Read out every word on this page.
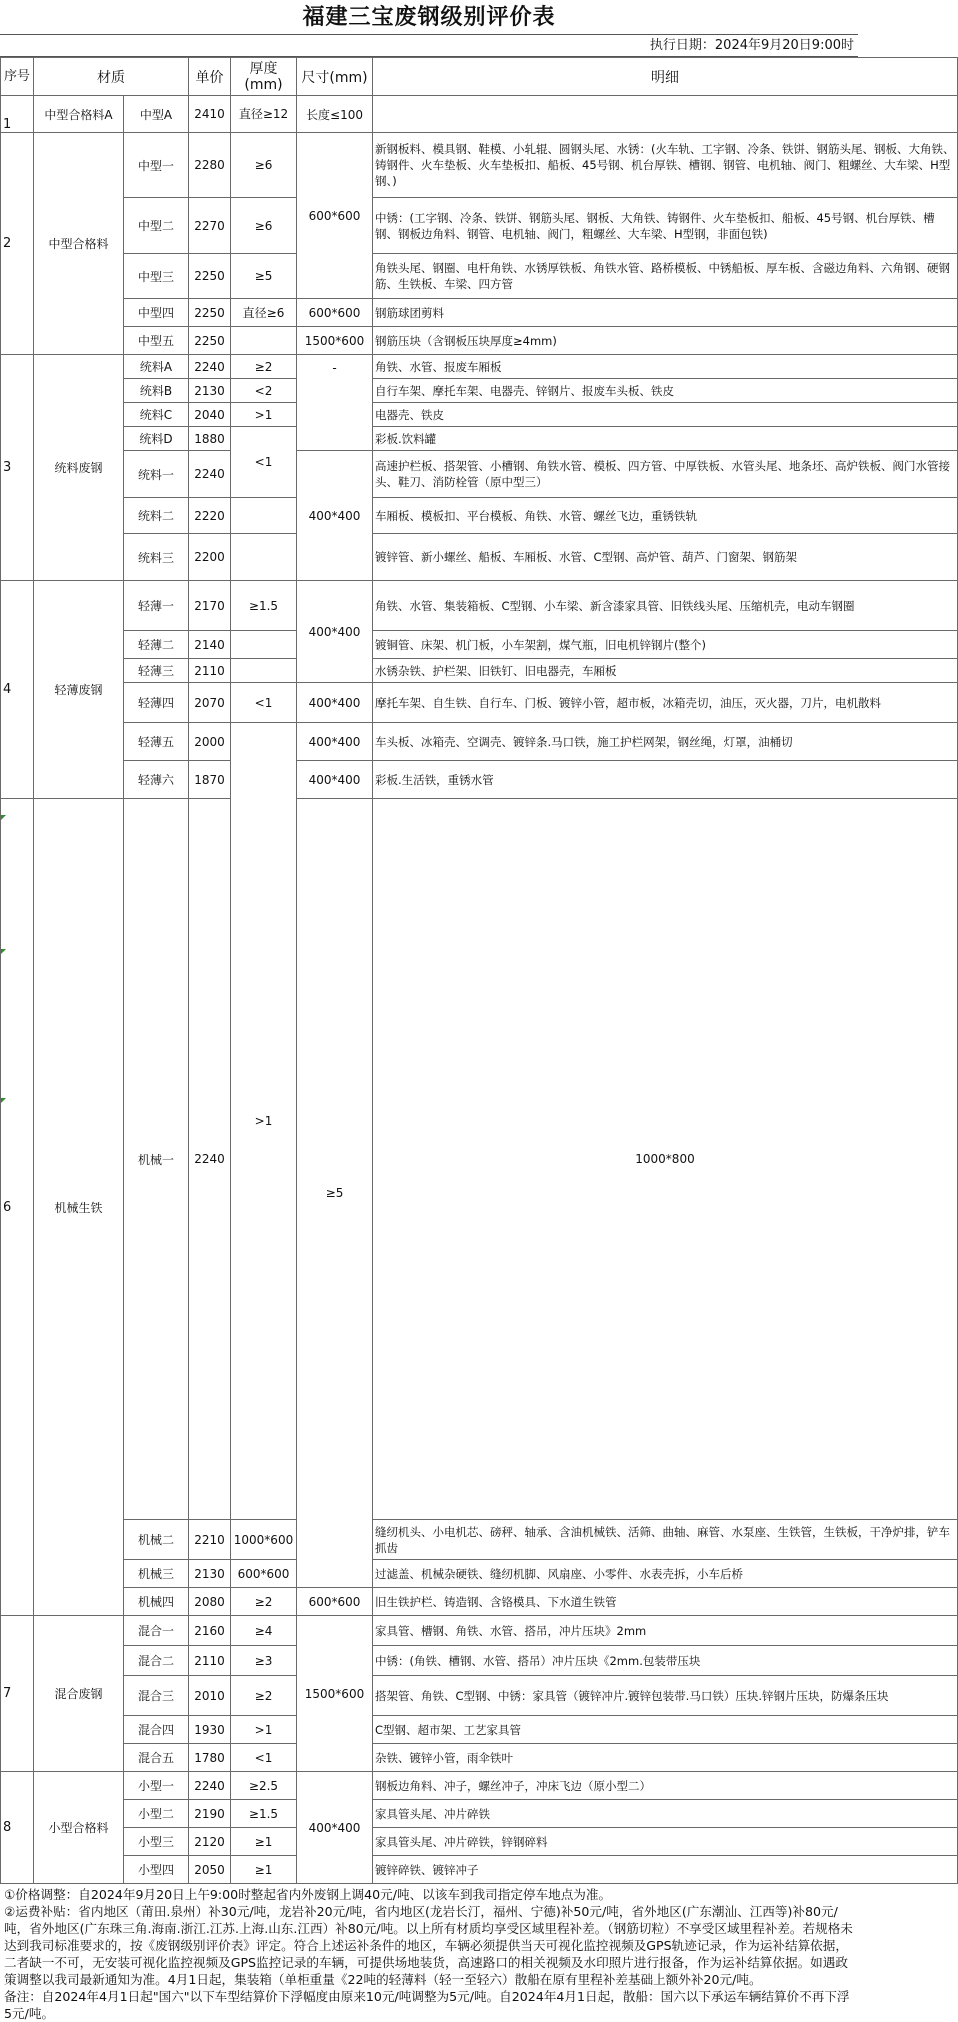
福建三宝废钢级别评价表
执行日期：2024年9月20日9:00时
序号	材质		单价	厚度(mm)	尺寸(mm)	明细	
1	中型合格料A	中型A	2410	直径≥12	长度≤100		
2	中型合格料	中型一	2280	≥6	600*600	新钢板料、模具钢、鞋模、小轧辊、圆钢头尾、水锈：(火车轨、工字钢、冷条、铁饼、钢筋头尾、钢板、大角铁、铸钢件、火车垫板、火车垫板扣、船板、45号钢、机台厚铁、槽钢、钢管、电机轴、阀门、粗螺丝、大车梁、H型钢、)	
		中型二	2270	≥6		中锈：(工字钢、冷条、铁饼、钢筋头尾、钢板、大角铁、铸钢件、火车垫板扣、船板、45号钢、机台厚铁、槽钢、钢板边角料、钢管、电机轴、阀门，粗螺丝、大车梁、H型钢，非面包铁)	
		中型三	2250	≥5		角铁头尾、钢圈、电杆角铁、水锈厚铁板、角铁水管、路桥模板、中锈船板、厚车板、含磁边角料、六角钢、硬钢筋、生铁板、车梁、四方管	
		中型四	2250	直径≥6	600*600	钢筋球团剪料	
		中型五	2250		1500*600	钢筋压块（含钢板压块厚度≥4mm)	
3	统料废钢	统料A	2240	≥2	-	角铁、水管、报废车厢板	
		统料B	2130	<2		自行车架、摩托车架、电器壳、锌钢片、报废车头板、铁皮	
		统料C	2040	>1		电器壳、铁皮	
		统料D	1880	<1		彩板.饮料罐	
		统料一	2240		400*400	高速护栏板、搭架管、小槽钢、角铁水管、模板、四方管、中厚铁板、水管头尾、地条坯、高炉铁板、阀门水管接头、鞋刀、消防栓管（原中型三）	
		统料二	2220			车厢板、模板扣、平台模板、角铁、水管、螺丝飞边，重锈铁轨	
		统料三	2200			镀锌管、新小螺丝、船板、车厢板、水管、C型钢、高炉管、葫芦、门窗架、钢筋架	
4	轻薄废钢	轻薄一	2170	≥1.5	400*400	角铁、水管、集装箱板、C型钢、小车梁、新含漆家具管、旧铁线头尾、压缩机壳，电动车钢圈	
		轻薄二	2140			镀铜管、床架、机门板，小车架割，煤气瓶，旧电机锌钢片(整个)	
		轻薄三	2110			水锈杂铁、护栏架、旧铁钉、旧电器壳，车厢板	
		轻薄四	2070	<1	400*400	摩托车架、自生铁、自行车、门板、镀锌小管，超市板，冰箱壳切，油压，灭火器，刀片，电机散料	
		轻薄五	2000	>1	400*400	车头板、冰箱壳、空调壳、镀锌条.马口铁，施工护栏网架，钢丝绳，灯罩，油桶切	
		轻薄六	1870		400*400	彩板.生活铁，重锈水管	
6	机械生铁	机械一	2240		≥5	1000*800	
		机械二	2210	1000*600		缝纫机头、小电机芯、磅秤、轴承、含油机械铁、活筛、曲轴、麻管、水泵座、生铁管，生铁板，干净炉排，铲车抓齿	
		机械三	2130	600*600		过滤盖、机械杂硬铁、缝纫机脚、风扇座、小零件、水表壳拆，小车后桥	
		机械四	2080	≥2	600*600	旧生铁护栏、铸造钢、含铬模具、下水道生铁管	
7	混合废钢	混合一	2160	≥4	1500*600	家具管、槽钢、角铁、水管、搭吊，冲片压块》2mm	
		混合二	2110	≥3		中锈：(角铁、槽钢、水管、搭吊）冲片压块《2mm.包装带压块	
		混合三	2010	≥2		搭架管、角铁、C型钢、中锈：家具管（镀锌冲片.镀锌包装带.马口铁）压块.锌钢片压块，防爆条压块	
		混合四	1930	>1		C型钢、超市架、工艺家具管	
		混合五	1780	<1		杂铁、镀锌小管，雨伞铁叶	
8	小型合格料	小型一	2240	≥2.5	400*400	钢板边角料、冲子，螺丝冲子，冲床飞边（原小型二）	
		小型二	2190	≥1.5		家具管头尾、冲片碎铁	
		小型三	2120	≥1		家具管头尾、冲片碎铁，锌钢碎料	
		小型四	2050	≥1		镀锌碎铁、镀锌冲子	

①价格调整：自2024年9月20日上午9:00时整起省内外废钢上调40元/吨、以该车到我司指定停车地点为准。

②运费补贴：省内地区（莆田.泉州）补30元/吨，龙岩补20元/吨，省内地区(龙岩长汀，福州、宁德)补50元/吨，省外地区(广东潮汕、江西等)补80元/吨，省外地区(广东珠三角.海南.浙江.江苏.上海.山东.江西）补80元/吨。以上所有材质均享受区域里程补差。（钢筋切粒）不享受区域里程补差。若规格未达到我司标准要求的，按《废钢级别评价表》评定。符合上述运补条件的地区，车辆必须提供当天可视化监控视频及GPS轨迹记录，作为运补结算依据，二者缺一不可，无安装可视化监控视频及GPS监控记录的车辆，可提供场地装货，高速路口的相关视频及水印照片进行报备，作为运补结算依据。如遇政策调整以我司最新通知为准。4月1日起，集装箱（单柜重量《22吨的轻薄料（轻一至轻六）散船在原有里程补差基础上额外补20元/吨。

备注：自2024年4月1日起"国六"以下车型结算价下浮幅度由原来10元/吨调整为5元/吨。自2024年4月1日起，散船：国六以下承运车辆结算价不再下浮5元/吨。
